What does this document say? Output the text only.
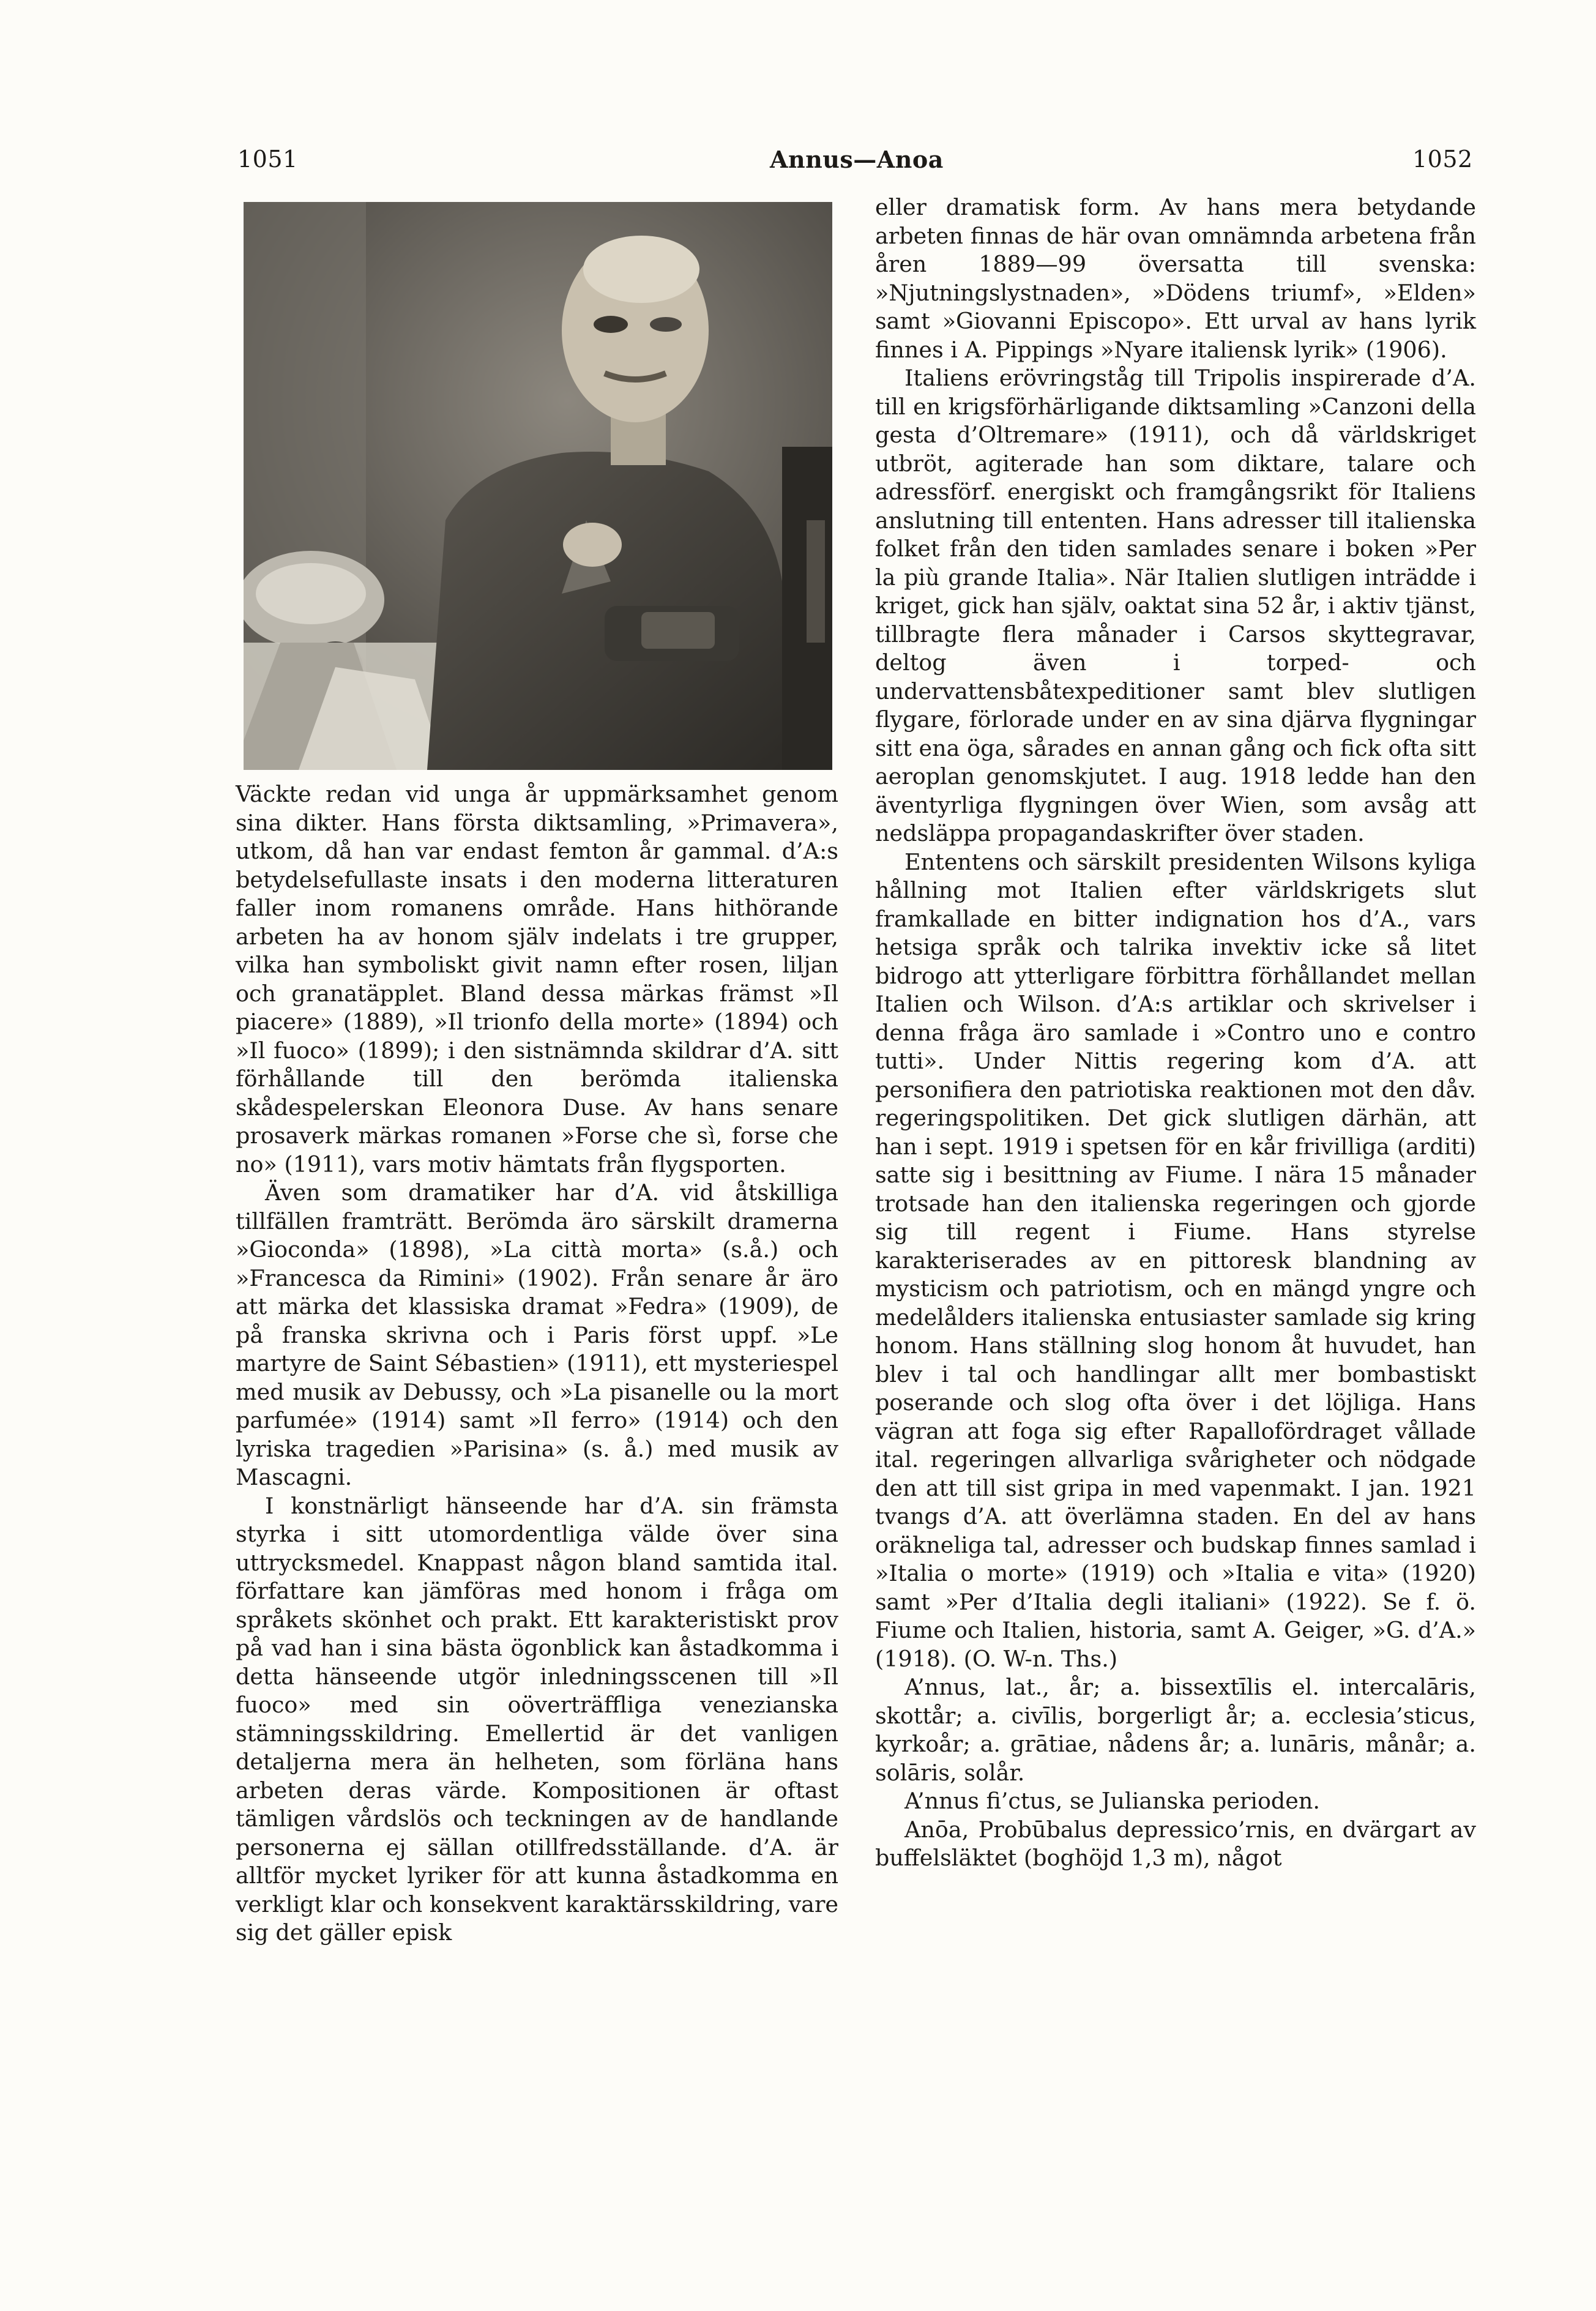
1051	Annus—Anoa	1052

Väckte redan vid unga år uppmärksamhet genom sina dikter. Hans första diktsamling, »Primavera», utkom, då han var endast femton år gammal. d’A:s betydelsefullaste insats i den moderna litteraturen faller inom romanens område. Hans hithörande arbeten ha av honom själv indelats i tre grupper, vilka han symboliskt givit namn efter rosen, liljan och granatäpplet. Bland dessa märkas främst »Il piacere» (1889), »Il trionfo della morte» (1894) och »Il fuoco» (1899); i den sistnämnda skildrar d’A. sitt förhållande till den berömda italienska skådespelerskan Eleonora Duse. Av hans senare prosaverk märkas romanen »Forse che sì, forse che no» (1911), vars motiv hämtats från flygsporten.

Även som dramatiker har d’A. vid åtskilliga tillfällen framträtt. Berömda äro särskilt dramerna »Gioconda» (1898), »La città morta» (s.å.) och »Francesca da Rimini» (1902). Från senare år äro att märka det klassiska dramat »Fedra» (1909), de på franska skrivna och i Paris först uppf. »Le martyre de Saint Sébastien» (1911), ett mysteriespel med musik av Debussy, och »La pisanelle ou la mort parfumée» (1914) samt »Il ferro» (1914) och den lyriska tragedien »Parisina» (s. å.) med musik av Mascagni.

I konstnärligt hänseende har d’A. sin främsta styrka i sitt utomordentliga välde över sina uttrycksmedel. Knappast någon bland samtida ital. författare kan jämföras med honom i fråga om språkets skönhet och prakt. Ett karakteristiskt prov på vad han i sina bästa ögonblick kan åstadkomma i detta hänseende utgör inledningsscenen till »Il fuoco» med sin oöverträffliga venezianska stämningsskildring. Emellertid är det vanligen detaljerna mera än helheten, som förläna hans arbeten deras värde. Kompositionen är oftast tämligen vårdslös och teckningen av de handlande personerna ej sällan otillfredsställande. d’A. är alltför mycket lyriker för att kunna åstadkomma en verkligt klar och konsekvent karaktärsskildring, vare sig det gäller episk

eller dramatisk form. Av hans mera betydande arbeten finnas de här ovan omnämnda arbetena från åren 1889—99 översatta till svenska: »Njutningslystnaden», »Dödens triumf», »Elden» samt »Giovanni Episcopo». Ett urval av hans lyrik finnes i A. Pippings »Nyare italiensk lyrik» (1906).

Italiens erövringståg till Tripolis inspirerade d’A. till en krigsförhärligande diktsamling »Canzoni della gesta d’Oltremare» (1911), och då världskriget utbröt, agiterade han som diktare, talare och adressförf. energiskt och framgångsrikt för Italiens anslutning till ententen. Hans adresser till italienska folket från den tiden samlades senare i boken »Per la più grande Italia». När Italien slutligen inträdde i kriget, gick han själv, oaktat sina 52 år, i aktiv tjänst, tillbragte flera månader i Carsos skyttegravar, deltog även i torped- och undervattensbåtexpeditioner samt blev slutligen flygare, förlorade under en av sina djärva flygningar sitt ena öga, sårades en annan gång och fick ofta sitt aeroplan genomskjutet. I aug. 1918 ledde han den äventyrliga flygningen över Wien, som avsåg att nedsläppa propagandaskrifter över staden.

Ententens och särskilt presidenten Wilsons kyliga hållning mot Italien efter världskrigets slut framkallade en bitter indignation hos d’A., vars hetsiga språk och talrika invektiv icke så litet bidrogo att ytterligare förbittra förhållandet mellan Italien och Wilson. d’A:s artiklar och skrivelser i denna fråga äro samlade i »Contro uno e contro tutti». Under Nittis regering kom d’A. att personifiera den patriotiska reaktionen mot den dåv. regeringspolitiken. Det gick slutligen därhän, att han i sept. 1919 i spetsen för en kår frivilliga (arditi) satte sig i besittning av Fiume. I nära 15 månader trotsade han den italienska regeringen och gjorde sig till regent i Fiume. Hans styrelse karakteriserades av en pittoresk blandning av mysticism och patriotism, och en mängd yngre och medelålders italienska entusiaster samlade sig kring honom. Hans ställning slog honom åt huvudet, han blev i tal och handlingar allt mer bombastiskt poserande och slog ofta över i det löjliga. Hans vägran att foga sig efter Rapallofördraget vållade ital. regeringen allvarliga svårigheter och nödgade den att till sist gripa in med vapenmakt. I jan. 1921 tvangs d’A. att överlämna staden. En del av hans oräkneliga tal, adresser och budskap finnes samlad i »Italia o morte» (1919) och »Italia e vita» (1920) samt »Per d’Italia degli italiani» (1922). Se f. ö. Fiume och Italien, historia, samt A. Geiger, »G. d’A.» (1918). (O. W-n. Ths.)

A’nnus, lat., år; a. bissextīlis el. intercalāris, skottår; a. civīlis, borgerligt år; a. ecclesia’sticus, kyrkoår; a. grātiae, nådens år; a. lunāris, månår; a. solāris, solår.

A’nnus fi’ctus, se Julianska perioden.

Anōa, Probūbalus depressico’rnis, en dvärgart av buffelsläktet (boghöjd 1,3 m), något
